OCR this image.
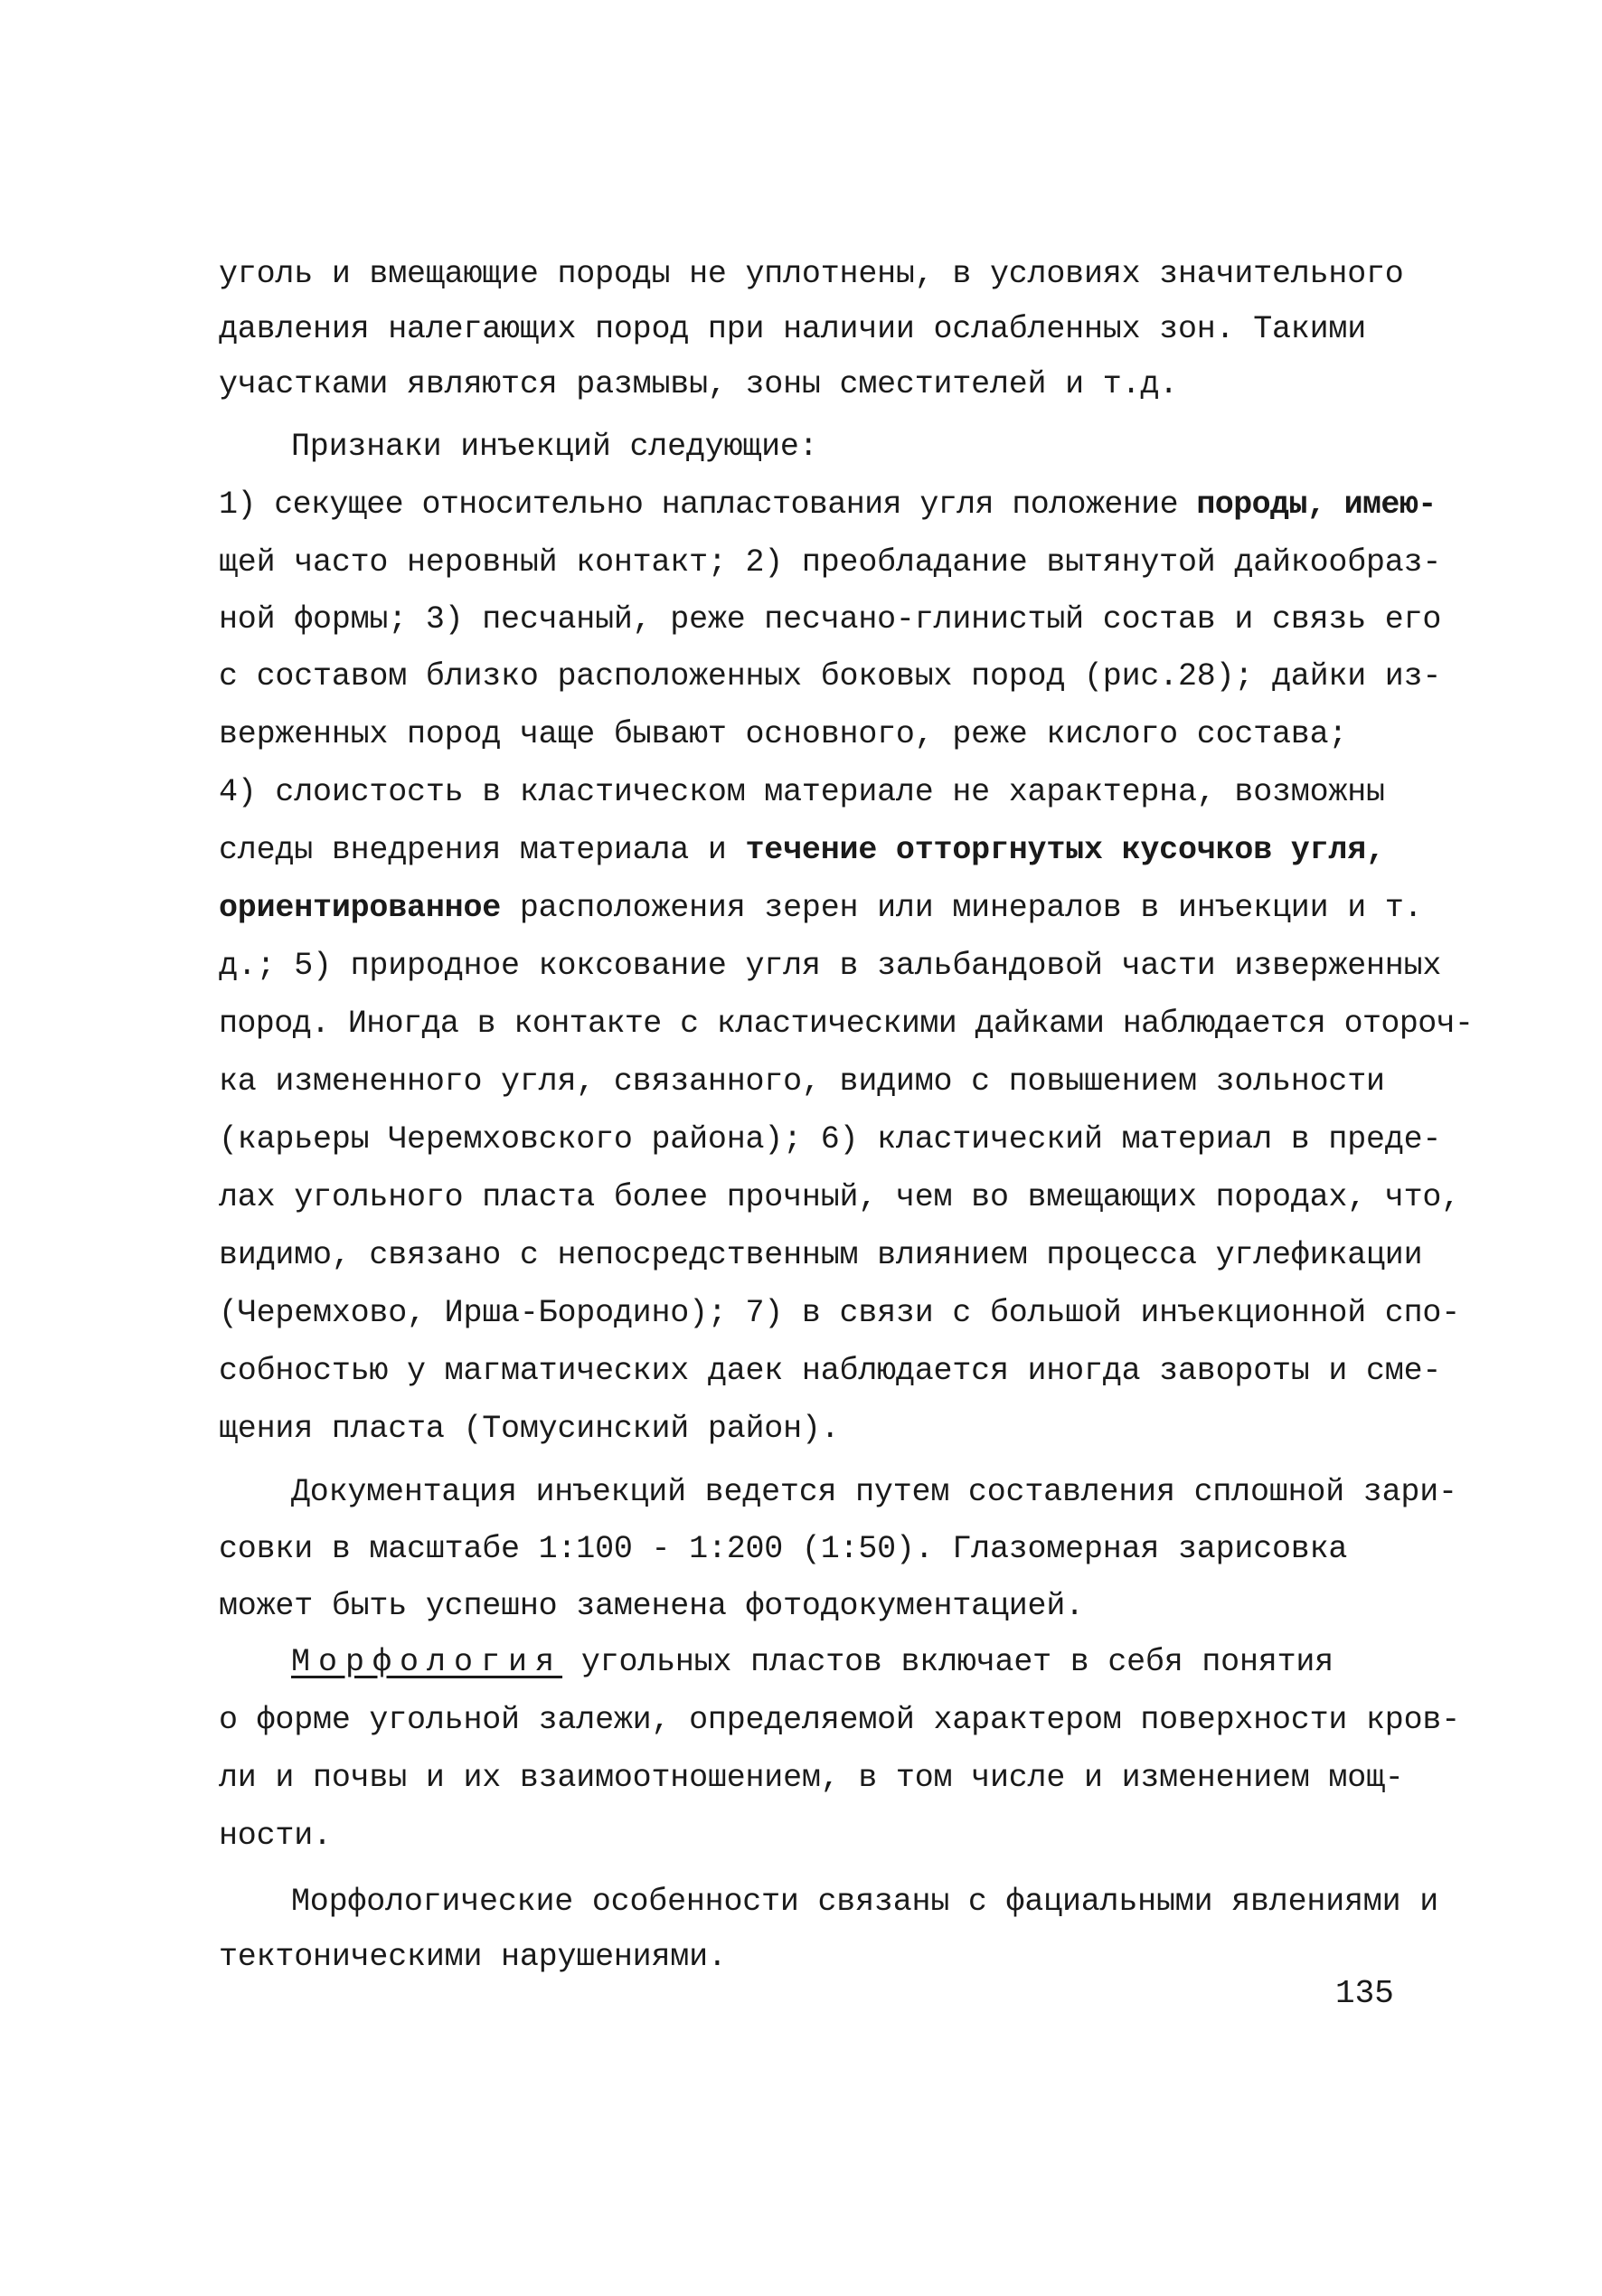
уголь и вмещающие породы не уплотнены, в условиях значительного
давления налегающих пород при наличии ослабленных зон. Такими
участками являются размывы, зоны сместителей и т.д.
Признаки инъекций следующие:
1) секущее относительно напластования угля положение породы, имею-
щей часто неровный контакт; 2) преобладание вытянутой дайкообраз-
ной формы; 3) песчаный, реже песчано-глинистый состав и связь его
с составом близко расположенных боковых пород (рис.28); дайки из-
верженных пород чаще бывают основного, реже кислого состава;
4) слоистость в кластическом материале не характерна, возможны
следы внедрения материала и течение отторгнутых кусочков угля,
ориентированное расположения зерен или минералов в инъекции и т.
д.; 5) природное коксование угля в зальбандовой части изверженных
пород. Иногда в контакте с кластическими дайками наблюдается отороч-
ка измененного угля, связанного, видимо с повышением зольности
(карьеры Черемховского района); 6) кластический материал в преде-
лах угольного пласта более прочный, чем во вмещающих породах, что,
видимо, связано с непосредственным влиянием процесса углефикации
(Черемхово, Ирша-Бородино); 7) в связи с большой инъекционной спо-
собностью у магматических даек наблюдается иногда завороты и сме-
щения пласта (Томусинский район).
Документация инъекций ведется путем составления сплошной зари-
совки в масштабе 1:100 - 1:200 (1:50). Глазомерная зарисовка
может быть успешно заменена фотодокументацией.
Морфология угольных пластов включает в себя понятия
о форме угольной залежи, определяемой характером поверхности кров-
ли и почвы и их взаимоотношением, в том числе и изменением мощ-
ности.
Морфологические особенности связаны с фациальными явлениями и
тектоническими нарушениями.
135
